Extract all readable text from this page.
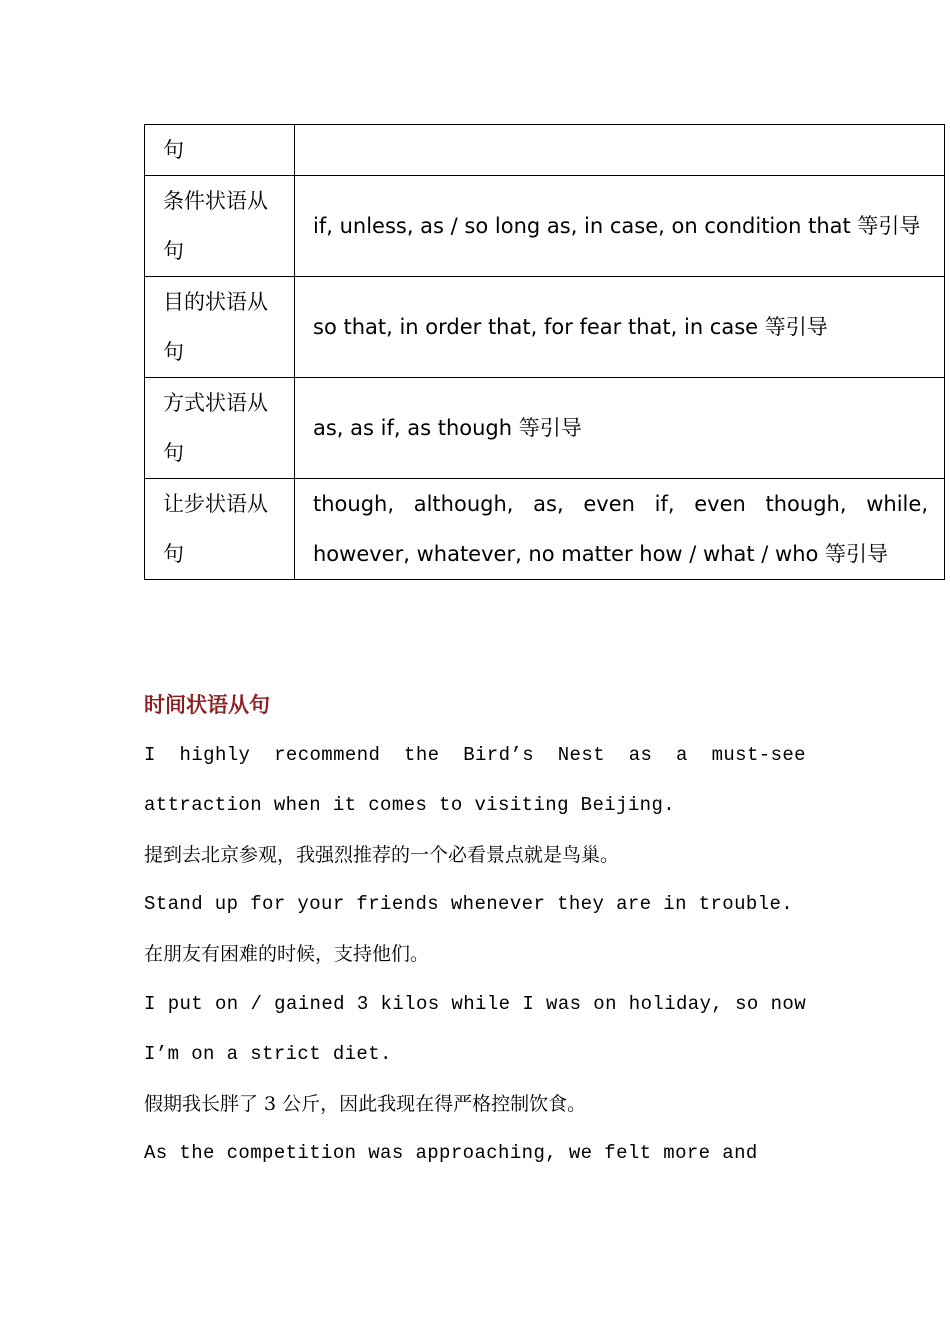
句	
条件状语从句	if, unless, as / so long as, in case, on condition that 等引导
目的状语从句	so that, in order that, for fear that, in case 等引导
方式状语从句	as, as if, as though 等引导
让步状语从句	though, although, as, even if, even though, while, however, whatever, no matter how / what / who 等引导
时间状语从句

I highly recommend the Bird’s Nest as a must-see attraction when it comes to visiting Beijing.

提到去北京参观，我强烈推荐的一个必看景点就是鸟巢。

Stand up for your friends whenever they are in trouble.

在朋友有困难的时候，支持他们。

I put on / gained 3 kilos while I was on holiday, so now I’m on a strict diet.

假期我长胖了 3 公斤，因此我现在得严格控制饮食。

As the competition was approaching, we felt more and
